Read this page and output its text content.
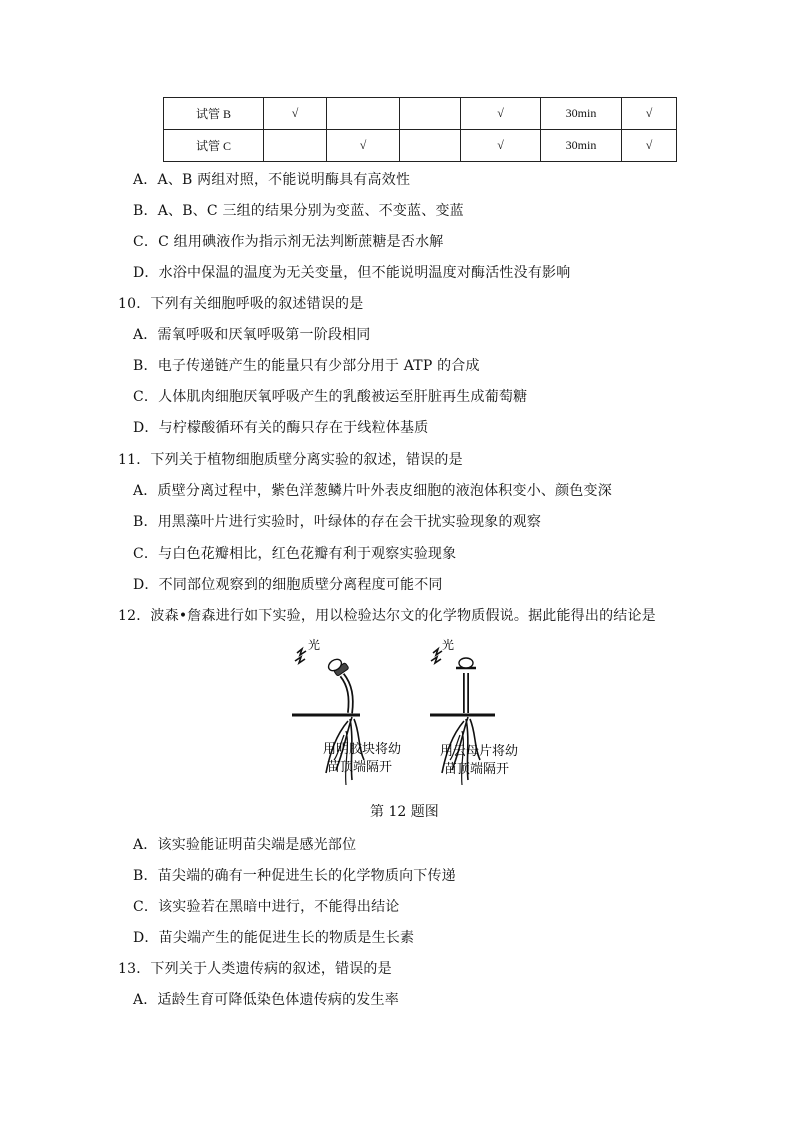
试管 B	√			√	30min	√
试管 C		√		√	30min	√
A．A、B 两组对照，不能说明酶具有高效性
B．A、B、C 三组的结果分别为变蓝、不变蓝、变蓝
C．C 组用碘液作为指示剂无法判断蔗糖是否水解
D．水浴中保温的温度为无关变量，但不能说明温度对酶活性没有影响
10．下列有关细胞呼吸的叙述错误的是
A．需氧呼吸和厌氧呼吸第一阶段相同
B．电子传递链产生的能量只有少部分用于 ATP 的合成
C．人体肌肉细胞厌氧呼吸产生的乳酸被运至肝脏再生成葡萄糖
D．与柠檬酸循环有关的酶只存在于线粒体基质
11．下列关于植物细胞质壁分离实验的叙述，错误的是
A．质壁分离过程中，紫色洋葱鳞片叶外表皮细胞的液泡体积变小、颜色变深
B．用黑藻叶片进行实验时，叶绿体的存在会干扰实验现象的观察
C．与白色花瓣相比，红色花瓣有利于观察实验现象
D．不同部位观察到的细胞质壁分离程度可能不同
12．波森•詹森进行如下实验，用以检验达尔文的化学物质假说。据此能得出的结论是
光	光
用明胶块将幼
苗顶端隔开
用云母片将幼
苗顶端隔开
第 12 题图
A．该实验能证明苗尖端是感光部位
B．苗尖端的确有一种促进生长的化学物质向下传递
C．该实验若在黑暗中进行，不能得出结论
D．苗尖端产生的能促进生长的物质是生长素
13．下列关于人类遗传病的叙述，错误的是
A．适龄生育可降低染色体遗传病的发生率
